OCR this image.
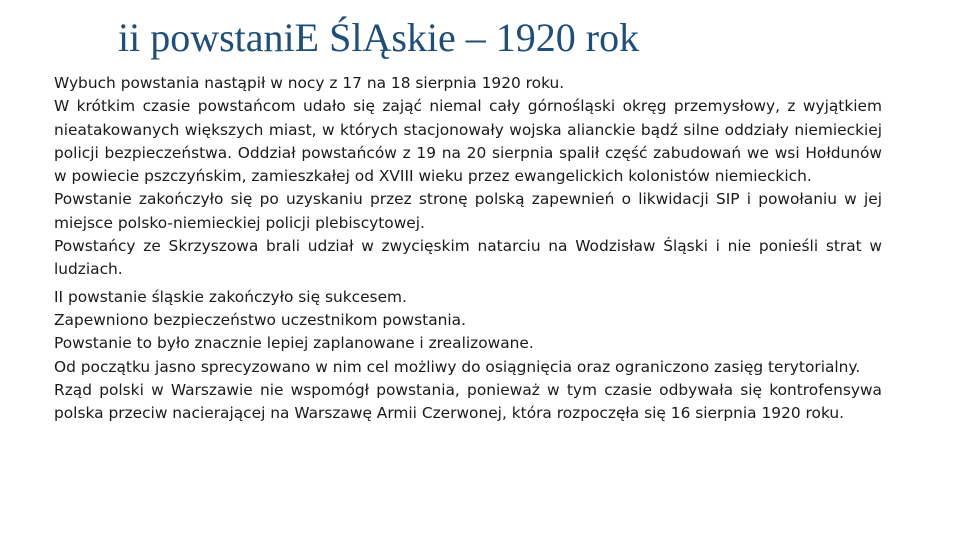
ii powstaniE ŚlĄskie – 1920 rok

Wybuch powstania nastąpił w nocy z 17 na 18 sierpnia 1920 roku.

W krótkim czasie powstańcom udało się zająć niemal cały górnośląski okręg przemysłowy, z wyjątkiem nieatakowanych większych miast, w których stacjonowały wojska alianckie bądź silne oddziały niemieckiej policji bezpieczeństwa. Oddział powstańców z 19 na 20 sierpnia spalił część zabudowań we wsi Hołdunów w powiecie pszczyńskim, zamieszkałej od XVIII wieku przez ewangelickich kolonistów niemieckich.

Powstanie zakończyło się po uzyskaniu przez stronę polską zapewnień o likwidacji SIP i powołaniu w jej miejsce polsko-niemieckiej policji plebiscytowej.

Powstańcy ze Skrzyszowa brali udział w zwycięskim natarciu na Wodzisław Śląski i nie ponieśli strat w ludziach.

II powstanie śląskie zakończyło się sukcesem.

Zapewniono bezpieczeństwo uczestnikom powstania.

Powstanie to było znacznie lepiej zaplanowane i zrealizowane.

Od początku jasno sprecyzowano w nim cel możliwy do osiągnięcia oraz ograniczono zasięg terytorialny.

Rząd polski w Warszawie nie wspomógł powstania, ponieważ w tym czasie odbywała się kontrofensywa polska przeciw nacierającej na Warszawę Armii Czerwonej, która rozpoczęła się 16 sierpnia 1920 roku.
